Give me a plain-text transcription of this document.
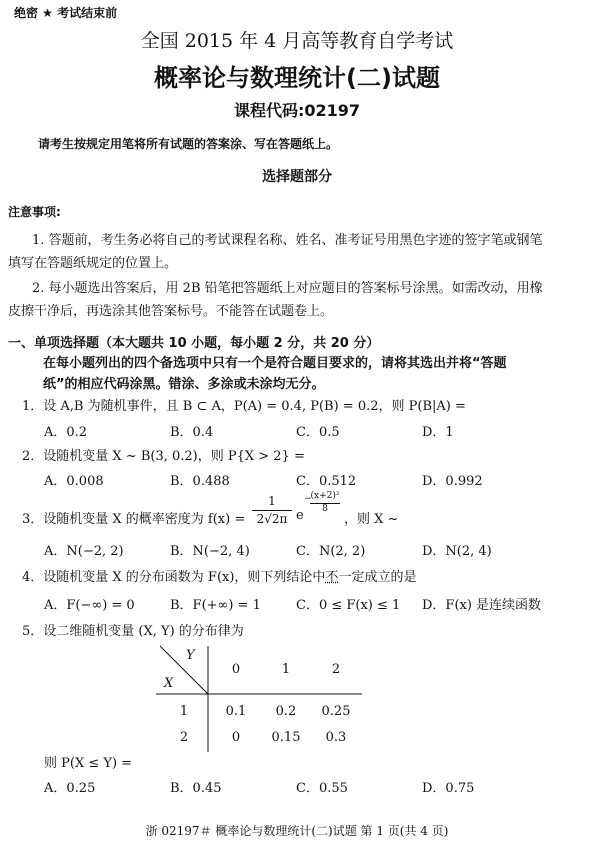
绝密 ★ 考试结束前
全国 2015 年 4 月高等教育自学考试
概率论与数理统计(二)试题
课程代码:02197
请考生按规定用笔将所有试题的答案涂、写在答题纸上。
选择题部分
注意事项:
1. 答题前，考生务必将自己的考试课程名称、姓名、准考证号用黑色字迹的签字笔或钢笔
填写在答题纸规定的位置上。
2. 每小题选出答案后，用 2B 铅笔把答题纸上对应题目的答案标号涂黑。如需改动，用橡
皮擦干净后，再选涂其他答案标号。不能答在试题卷上。
一、单项选择题（本大题共 10 小题，每小题 2 分，共 20 分）
在每小题列出的四个备选项中只有一个是符合题目要求的，请将其选出并将“答题
纸”的相应代码涂黑。错涂、多涂或未涂均无分。
1．设 A,B 为随机事件，且 B ⊂ A，P(A) = 0.4, P(B) = 0.2，则 P(B|A) =
A．0.2	B．0.4	C．0.5	D．1
2．设随机变量 X ~ B(3, 0.2)，则 P{X > 2} =
A．0.008	B．0.488	C．0.512	D．0.992
3．设随机变量 X 的概率密度为 f(x) =
1
2√2π e
−
(x+2)²
8
，则 X ~
A．N(−2, 2)	B．N(−2, 4)	C．N(2, 2)	D．N(2, 4)
4．设随机变量 X 的分布函数为 F(x)，则下列结论中不一定成立的是
A．F(−∞) = 0	B．F(+∞) = 1	C．0 ≤ F(x) ≤ 1 D．F(x) 是连续函数
5．设二维随机变量 (X, Y) 的分布律为
Y
X
0	1	2
1	0.1	0.2	0.25
2	0	0.15	0.3
则 P(X ≤ Y) =
A．0.25	B．0.45	C．0.55	D．0.75
浙 02197＃ 概率论与数理统计(二)试题 第 1 页(共 4 页)
